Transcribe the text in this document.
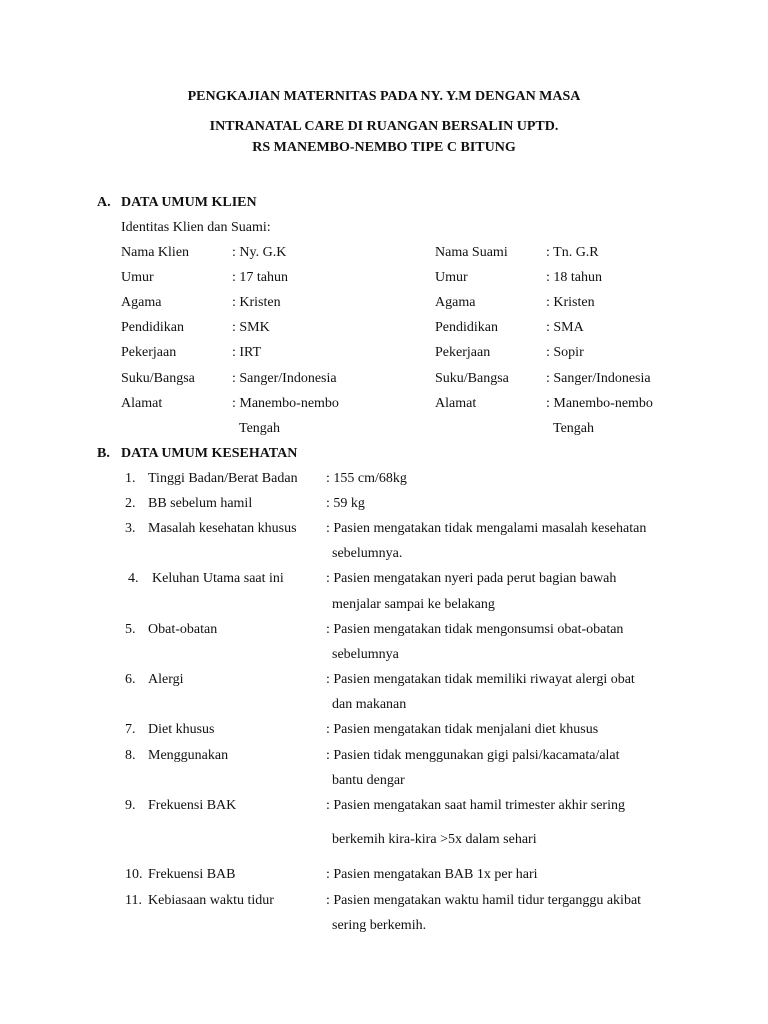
PENGKAJIAN MATERNITAS PADA NY. Y.M DENGAN MASA
INTRANATAL CARE DI RUANGAN BERSALIN UPTD.
RS MANEMBO-NEMBO TIPE C BITUNG
A. DATA UMUM KLIEN
Identitas Klien dan Suami:
Nama Klien	: Ny. G.K	Nama Suami	: Tn. G.R
Umur	: 17 tahun	Umur	: 18 tahun
Agama	: Kristen	Agama	: Kristen
Pendidikan	: SMK	Pendidikan	: SMA
Pekerjaan	: IRT	Pekerjaan	: Sopir
Suku/Bangsa	: Sanger/Indonesia	Suku/Bangsa	: Sanger/Indonesia
Alamat	: Manembo-nembo	Alamat	: Manembo-nembo
Tengah	Tengah
B. DATA UMUM KESEHATAN
1. Tinggi Badan/Berat Badan : 155 cm/68kg
2. BB sebelum hamil	: 59 kg
3. Masalah kesehatan khusus : Pasien mengatakan tidak mengalami masalah kesehatan
sebelumnya.
4. Keluhan Utama saat ini	: Pasien mengatakan nyeri pada perut bagian bawah
menjalar sampai ke belakang
5. Obat-obatan	: Pasien mengatakan tidak mengonsumsi obat-obatan
sebelumnya
6. Alergi	: Pasien mengatakan tidak memiliki riwayat alergi obat
dan makanan
7. Diet khusus	: Pasien mengatakan tidak menjalani diet khusus
8. Menggunakan	: Pasien tidak menggunakan gigi palsi/kacamata/alat
bantu dengar
9. Frekuensi BAK	: Pasien mengatakan saat hamil trimester akhir sering
berkemih kira-kira >5x dalam sehari
10. Frekuensi BAB	: Pasien mengatakan BAB 1x per hari
11. Kebiasaan waktu tidur	: Pasien mengatakan waktu hamil tidur terganggu akibat
sering berkemih.
